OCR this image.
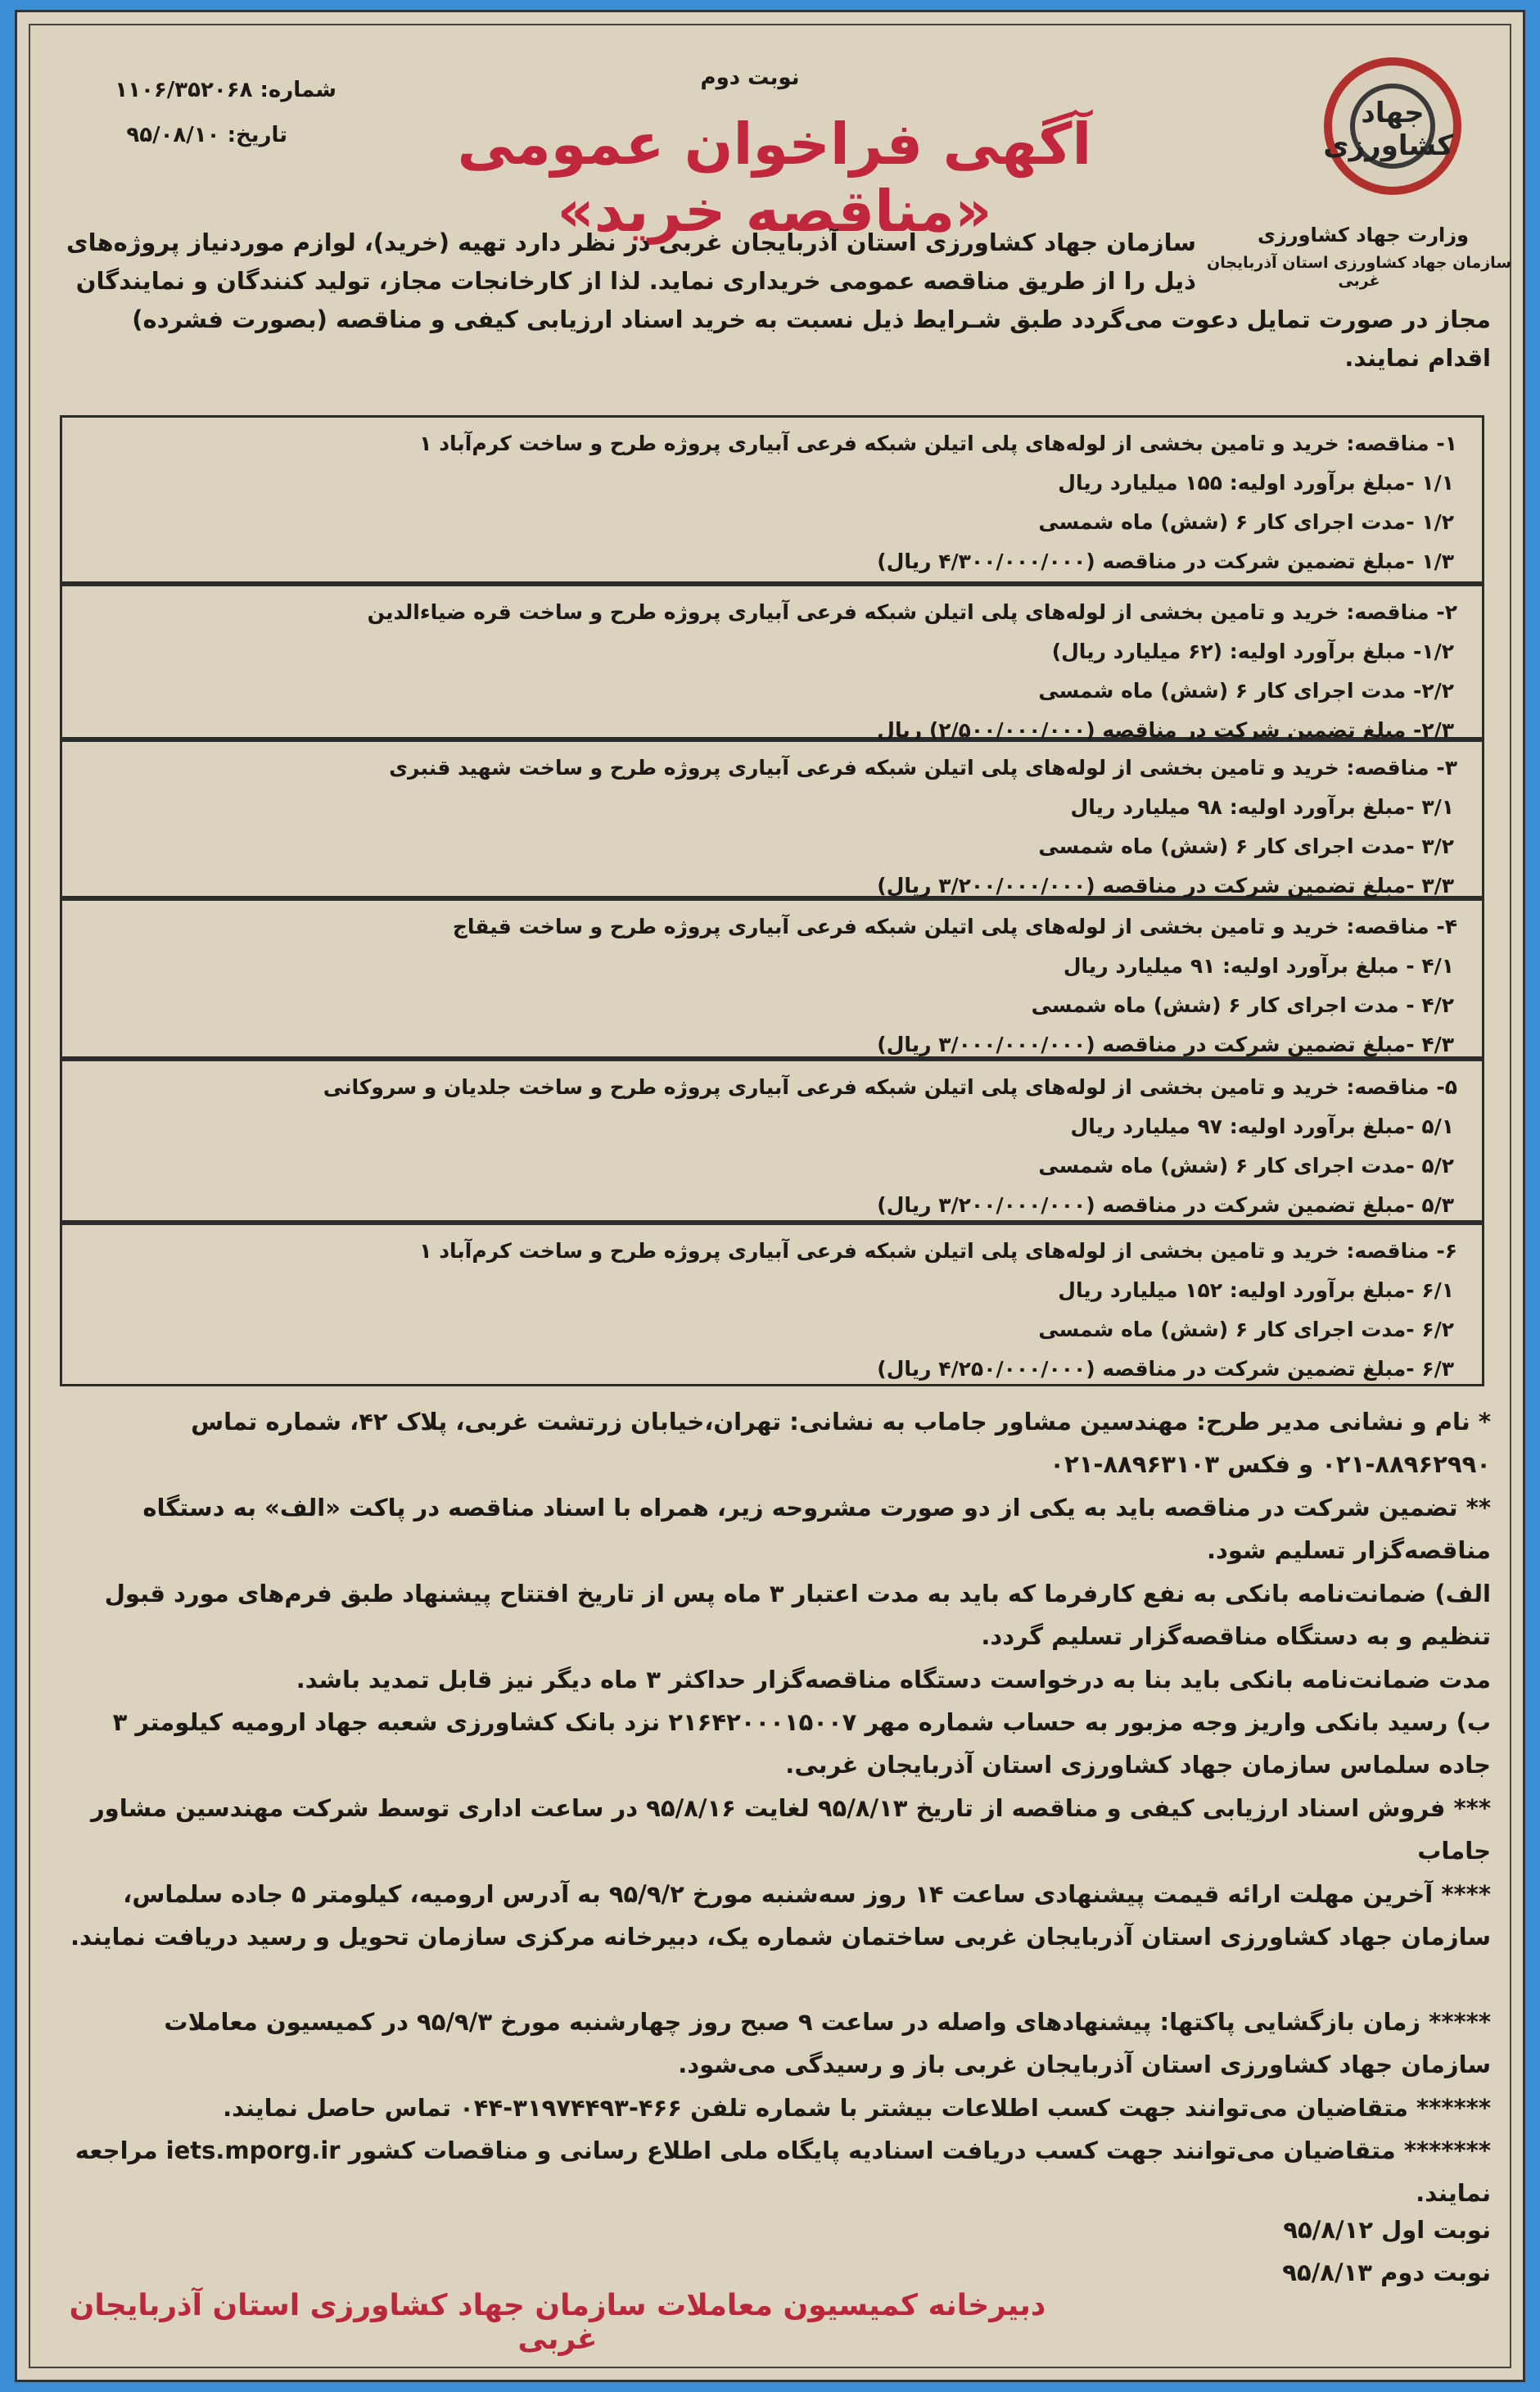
جهاد کشاورزی
وزارت جهاد کشاورزی
سازمان جهاد کشاورزی استان آذربایجان غربی
نوبت دوم
آگهی فراخوان عمومی «مناقصه خرید»
شماره: ۱۱۰۶/۳۵۲۰۶۸
تاریخ: ۹۵/۰۸/۱۰
سازمان جهاد کشاورزی استان آذربایجان غربی در نظر دارد تهیه (خرید)، لوازم موردنیاز پروژه‌های ذیل را از طریق مناقصه عمومی خریداری نماید. لذا از کارخانجات مجاز، تولید کنندگان و نمایندگان
مجاز در صورت تمایل دعوت می‌گردد طبق شـرایط ذیل نسبت به خرید اسناد ارزیابی کیفی و مناقصه (بصورت فشرده) اقدام نمایند.
۱- مناقصه: خرید و تامین بخشی از لوله‌های پلی اتیلن شبکه فرعی آبیاری پروژه طرح و ساخت کرم‌آباد ۱
۱/۱ -مبلغ برآورد اولیه: ۱۵۵ میلیارد ریال
۱/۲ -مدت اجرای کار ۶ (شش) ماه شمسی
۱/۳ -مبلغ تضمین شرکت در مناقصه (۴/۳۰۰/۰۰۰/۰۰۰ ریال)
۲- مناقصه: خرید و تامین بخشی از لوله‌های پلی اتیلن شبکه فرعی آبیاری پروژه طرح و ساخت قره ضیاءالدین
۱/۲- مبلغ برآورد اولیه: (۶۲ میلیارد ریال)
۲/۲- مدت اجرای کار ۶ (شش) ماه شمسی
۲/۳- مبلغ تضمین شرکت در مناقصه (۲/۵۰۰/۰۰۰/۰۰۰) ریال
۳- مناقصه: خرید و تامین بخشی از لوله‌های پلی اتیلن شبکه فرعی آبیاری پروژه طرح و ساخت شهید قنبری
۳/۱ -مبلغ برآورد اولیه: ۹۸ میلیارد ریال
۳/۲ -مدت اجرای کار ۶ (شش) ماه شمسی
۳/۳ -مبلغ تضمین شرکت در مناقصه (۳/۲۰۰/۰۰۰/۰۰۰ ریال)
۴- مناقصه: خرید و تامین بخشی از لوله‌های پلی اتیلن شبکه فرعی آبیاری پروژه طرح و ساخت قیقاج
۴/۱ - مبلغ برآورد اولیه: ۹۱ میلیارد ریال
۴/۲ - مدت اجرای کار ۶ (شش) ماه شمسی
۴/۳ -مبلغ تضمین شرکت در مناقصه (۳/۰۰۰/۰۰۰/۰۰۰ ریال)
۵- مناقصه: خرید و تامین بخشی از لوله‌های پلی اتیلن شبکه فرعی آبیاری پروژه طرح و ساخت جلدیان و سروکانی
۵/۱ -مبلغ برآورد اولیه: ۹۷ میلیارد ریال
۵/۲ -مدت اجرای کار ۶ (شش) ماه شمسی
۵/۳ -مبلغ تضمین شرکت در مناقصه (۳/۲۰۰/۰۰۰/۰۰۰ ریال)
۶- مناقصه: خرید و تامین بخشی از لوله‌های پلی اتیلن شبکه فرعی آبیاری پروژه طرح و ساخت کرم‌آباد ۱
۶/۱ -مبلغ برآورد اولیه: ۱۵۲ میلیارد ریال
۶/۲ -مدت اجرای کار ۶ (شش) ماه شمسی
۶/۳ -مبلغ تضمین شرکت در مناقصه (۴/۲۵۰/۰۰۰/۰۰۰ ریال)
* نام و نشانی مدیر طرح: مهندسین مشاور جاماب به نشانی: تهران،خیابان زرتشت غربی، پلاک ۴۲، شماره تماس ۸۸۹۶۲۹۹۰-۰۲۱ و فکس ۸۸۹۶۳۱۰۳-۰۲۱
** تضمین شرکت در مناقصه باید به یکی از دو صورت مشروحه زیر، همراه با اسناد مناقصه در پاکت «الف» به دستگاه مناقصه‌گزار تسلیم شود.
الف) ضمانت‌نامه بانکی به نفع کارفرما که باید به مدت اعتبار ۳ ماه پس از تاریخ افتتاح پیشنهاد طبق فرم‌های مورد قبول تنظیم و به دستگاه مناقصه‌گزار تسلیم گردد.
مدت ضمانت‌نامه بانکی باید بنا به درخواست دستگاه مناقصه‌گزار حداکثر ۳ ماه دیگر نیز قابل تمدید باشد.
ب) رسید بانکی واریز وجه مزبور به حساب شماره مهر ۲۱۶۴۲۰۰۰۱۵۰۰۷ نزد بانک کشاورزی شعبه جهاد ارومیه کیلومتر ۳ جاده سلماس سازمان جهاد کشاورزی استان آذربایجان غربی.
*** فروش اسناد ارزیابی کیفی و مناقصه از تاریخ ۹۵/۸/۱۳ لغایت ۹۵/۸/۱۶ در ساعت اداری توسط شرکت مهندسین مشاور جاماب
**** آخرین مهلت ارائه قیمت پیشنهادی ساعت ۱۴ روز سه‌شنبه مورخ ۹۵/۹/۲ به آدرس ارومیه، کیلومتر ۵ جاده سلماس، سازمان جهاد کشاورزی استان آذربایجان غربی ساختمان شماره یک، دبیرخانه مرکزی سازمان تحویل و رسید دریافت نمایند.
***** زمان بازگشایی پاکتها: پیشنهادهای واصله در ساعت ۹ صبح روز چهارشنبه مورخ ۹۵/۹/۳ در کمیسیون معاملات سازمان جهاد کشاورزی استان آذربایجان غربی باز و رسیدگی می‌شود.
****** متقاضیان می‌توانند جهت کسب اطلاعات بیشتر با شماره تلفن ۴۶۶-۳۱۹۷۴۴۹۳-۰۴۴ تماس حاصل نمایند.
******* متقاضیان می‌توانند جهت کسب دریافت اسنادیه پایگاه ملی اطلاع رسانی و مناقصات کشور iets.mporg.ir مراجعه نمایند.
نوبت اول ۹۵/۸/۱۲
نوبت دوم ۹۵/۸/۱۳
دبیرخانه کمیسیون معاملات سازمان جهاد کشاورزی استان آذربایجان غربی
